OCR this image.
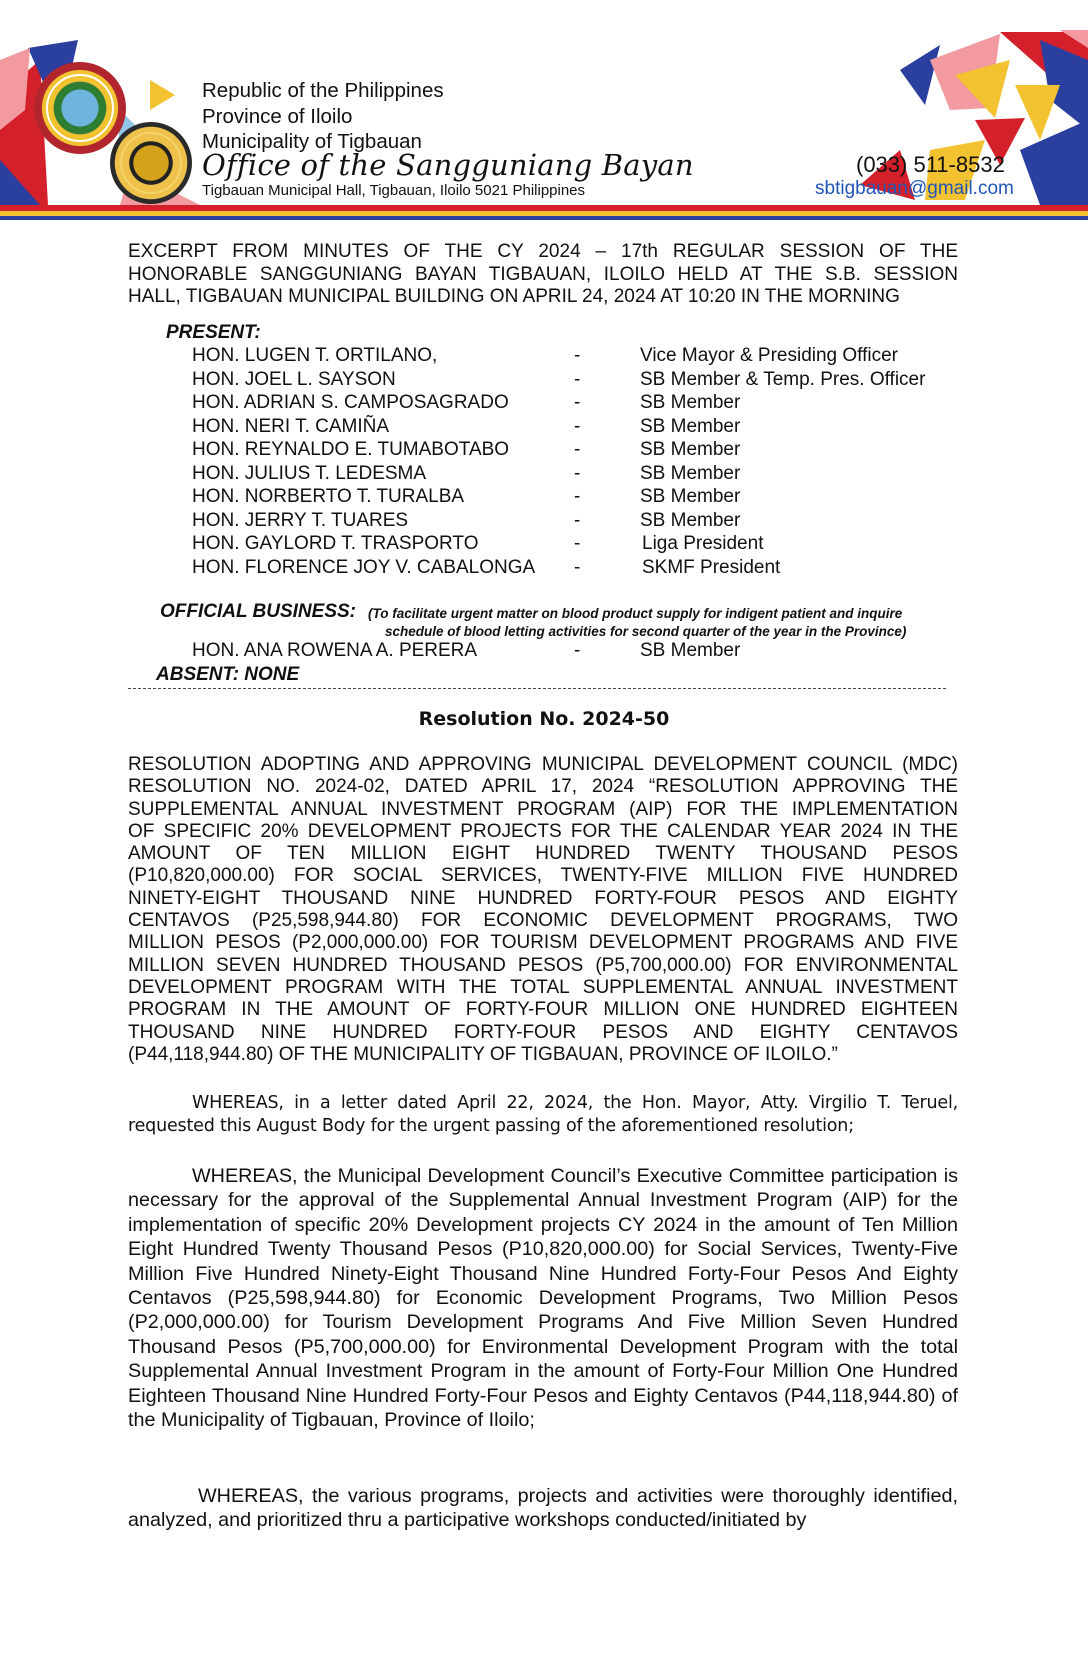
Republic of the Philippines
Province of Iloilo
Municipality of Tigbauan
Office of the Sangguniang Bayan
Tigbauan Municipal Hall, Tigbauan, Iloilo 5021 Philippines
(033) 511-8532
sbtigbauan@gmail.com
EXCERPT FROM MINUTES OF THE CY 2024 – 17th REGULAR SESSION OF THE
HONORABLE SANGGUNIANG BAYAN TIGBAUAN, ILOILO HELD AT THE S.B. SESSION
HALL, TIGBAUAN MUNICIPAL BUILDING ON APRIL 24, 2024 AT 10:20 IN THE MORNING
PRESENT:
HON. LUGEN T. ORTILANO,	-	Vice Mayor & Presiding Officer
HON. JOEL L. SAYSON	-	SB Member & Temp. Pres. Officer
HON. ADRIAN S. CAMPOSAGRADO	-	SB Member
HON. NERI T. CAMIÑA	-	SB Member
HON. REYNALDO E. TUMABOTABO	-	SB Member
HON. JULIUS T. LEDESMA	-	SB Member
HON. NORBERTO T. TURALBA	-	SB Member
HON. JERRY T. TUARES	-	SB Member
HON. GAYLORD T. TRASPORTO	-	Liga President
HON. FLORENCE JOY V. CABALONGA -	SKMF President
OFFICIAL BUSINESS: (To facilitate urgent matter on blood product supply for indigent patient and inquire
schedule of blood letting activities for second quarter of the year in the Province)
HON. ANA ROWENA A. PERERA	-	SB Member
ABSENT: NONE
Resolution No. 2024-50
RESOLUTION ADOPTING AND APPROVING MUNICIPAL DEVELOPMENT COUNCIL (MDC)
RESOLUTION NO. 2024-02, DATED APRIL 17, 2024 “RESOLUTION APPROVING THE
SUPPLEMENTAL ANNUAL INVESTMENT PROGRAM (AIP) FOR THE IMPLEMENTATION
OF SPECIFIC 20% DEVELOPMENT PROJECTS FOR THE CALENDAR YEAR 2024 IN THE
AMOUNT OF TEN MILLION EIGHT HUNDRED TWENTY THOUSAND PESOS
(P10,820,000.00) FOR SOCIAL SERVICES, TWENTY-FIVE MILLION FIVE HUNDRED
NINETY-EIGHT THOUSAND NINE HUNDRED FORTY-FOUR PESOS AND EIGHTY
CENTAVOS (P25,598,944.80) FOR ECONOMIC DEVELOPMENT PROGRAMS, TWO
MILLION PESOS (P2,000,000.00) FOR TOURISM DEVELOPMENT PROGRAMS AND FIVE
MILLION SEVEN HUNDRED THOUSAND PESOS (P5,700,000.00) FOR ENVIRONMENTAL
DEVELOPMENT PROGRAM WITH THE TOTAL SUPPLEMENTAL ANNUAL INVESTMENT
PROGRAM IN THE AMOUNT OF FORTY-FOUR MILLION ONE HUNDRED EIGHTEEN
THOUSAND NINE HUNDRED FORTY-FOUR PESOS AND EIGHTY CENTAVOS
(P44,118,944.80) OF THE MUNICIPALITY OF TIGBAUAN, PROVINCE OF ILOILO.”
WHEREAS, in a letter dated April 22, 2024, the Hon. Mayor, Atty. Virgilio T. Teruel, requested this August Body for the urgent passing of the aforementioned resolution;
WHEREAS, the Municipal Development Council’s Executive Committee participation is necessary for the approval of the Supplemental Annual Investment Program (AIP) for the implementation of specific 20% Development projects CY 2024 in the amount of Ten Million Eight Hundred Twenty Thousand Pesos (P10,820,000.00) for Social Services, Twenty-Five Million Five Hundred Ninety-Eight Thousand Nine Hundred Forty-Four Pesos And Eighty Centavos (P25,598,944.80) for Economic Development Programs, Two Million Pesos (P2,000,000.00) for Tourism Development Programs And Five Million Seven Hundred Thousand Pesos (P5,700,000.00) for Environmental Development Program with the total Supplemental Annual Investment Program in the amount of Forty-Four Million One Hundred Eighteen Thousand Nine Hundred Forty-Four Pesos and Eighty Centavos (P44,118,944.80) of the Municipality of Tigbauan, Province of Iloilo;
WHEREAS, the various programs, projects and activities were thoroughly identified, analyzed, and prioritized thru a participative workshops conducted/initiated by
